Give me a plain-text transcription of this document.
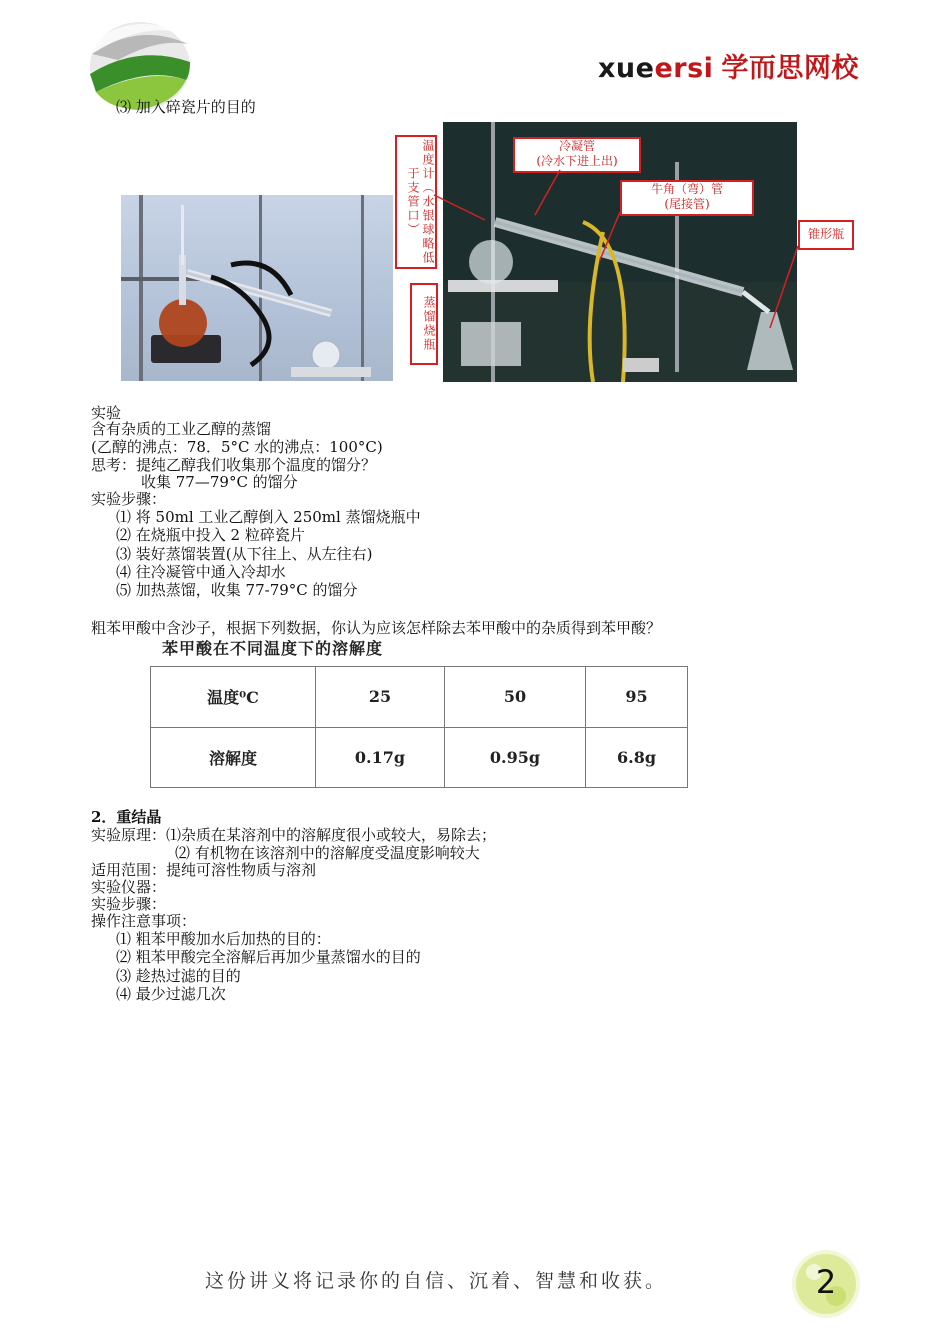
xueersi 学而思网校
⑶ 加入碎瓷片的目的
温度计（水银球略低于支管口）
蒸馏烧瓶
冷凝管
(冷水下进上出)
牛角（弯）管
(尾接管)
锥形瓶
实验
含有杂质的工业乙醇的蒸馏
(乙醇的沸点：78．5°C 水的沸点：100°C)
思考：提纯乙醇我们收集那个温度的馏分？
收集 77—79°C 的馏分
实验步骤：
⑴ 将 50ml 工业乙醇倒入 250ml 蒸馏烧瓶中
⑵ 在烧瓶中投入 2 粒碎瓷片
⑶ 装好蒸馏装置(从下往上、从左往右)
⑷ 往冷凝管中通入冷却水
⑸ 加热蒸馏，收集 77-79°C 的馏分
粗苯甲酸中含沙子，根据下列数据，你认为应该怎样除去苯甲酸中的杂质得到苯甲酸？
苯甲酸在不同温度下的溶解度
温度⁰C	25	50	95
溶解度	0.17g	0.95g	6.8g
2．重结晶
实验原理：⑴杂质在某溶剂中的溶解度很小或较大，易除去；
⑵ 有机物在该溶剂中的溶解度受温度影响较大
适用范围：提纯可溶性物质与溶剂
实验仪器：
实验步骤：
操作注意事项：
⑴ 粗苯甲酸加水后加热的目的：
⑵ 粗苯甲酸完全溶解后再加少量蒸馏水的目的
⑶ 趁热过滤的目的
⑷ 最少过滤几次
这份讲义将记录你的自信、沉着、智慧和收获。	2
